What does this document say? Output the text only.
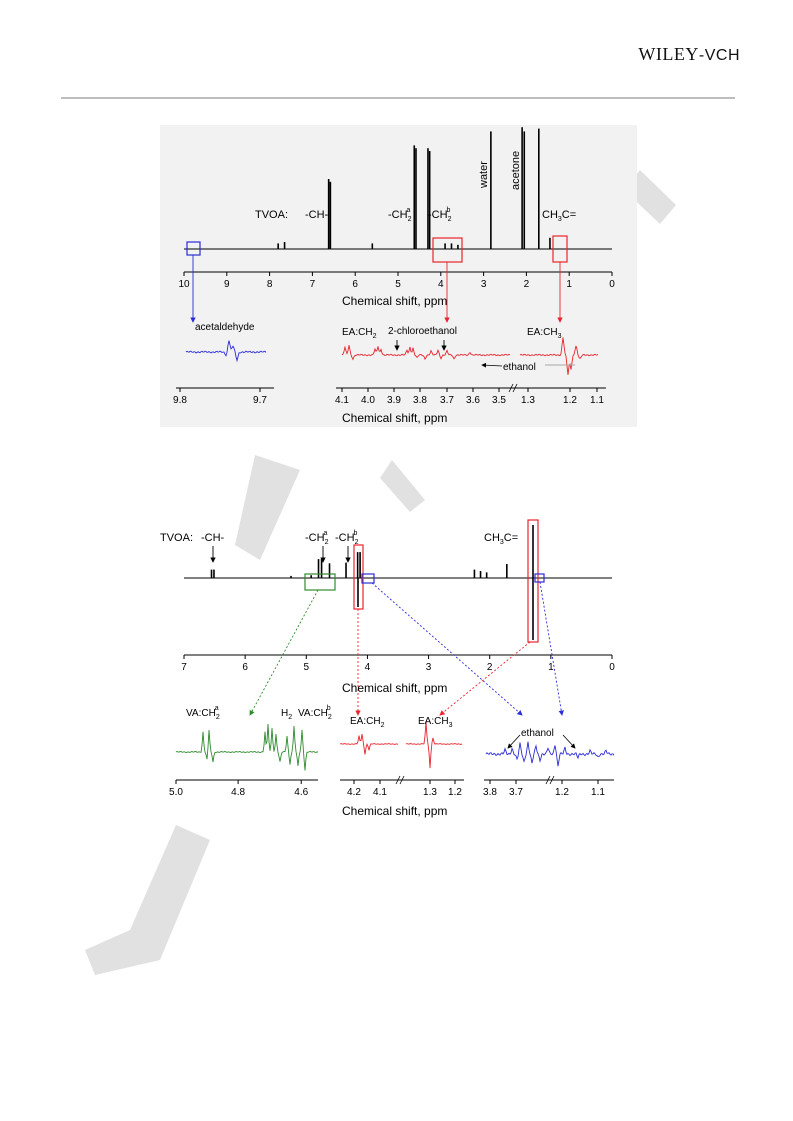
WILEY-VCH
10	9	8	7	6	5	4	3	2	1	0
TVOA: -CH-	$-CH_2a$ $-CH_2b$
water acetone
$CH_3C=$
Chemical shift, ppm
9.8	9.7
acetaldehyde
4.1 4.0 3.9 3.8 3.7 3.6 3.5 1.3	1.2 1.1
$EA:CH_2$ 2-chloroethanol	$EA:CH_3$
ethanol
Chemical shift, ppm
7	6	5	4	3	2	1	0
TVOA: -CH-	$-CH_2a$ $-CH_2b$	$CH_3C=$
Chemical shift, ppm
5.0	4.8	4.6
$VA:CH_2a$	$H_2$ $VA:CH_2b$
4.2 4.1	1.3 1.2
$EA:CH_2$	$EA:CH_3$
Chemical shift, ppm
3.8 3.7	1.2 1.1
ethanol
